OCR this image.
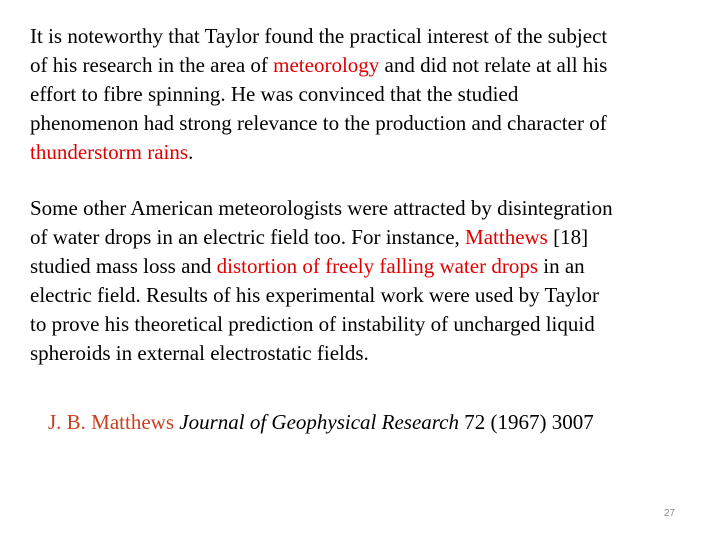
It is noteworthy that Taylor found the practical interest of the subject
of his research in the area of meteorology and did not relate at all his
effort to fibre spinning. He was convinced that the studied
phenomenon had strong relevance to the production and character of
thunderstorm rains.
Some other American meteorologists were attracted by disintegration
of water drops in an electric field too. For instance, Matthews [18]
studied mass loss and distortion of freely falling water drops in an
electric field. Results of his experimental work were used by Taylor
to prove his theoretical prediction of instability of uncharged liquid
spheroids in external electrostatic fields.
J. B. Matthews Journal of Geophysical Research 72 (1967) 3007
27
